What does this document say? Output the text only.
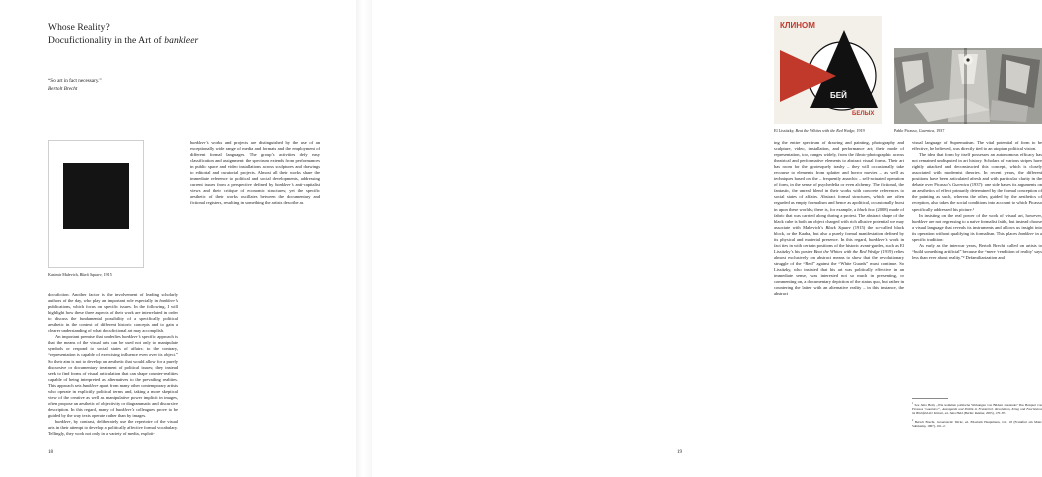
Whose Reality?
Docufictionality in the Art of bankleer
“So art in fact necessary.”
Bertolt Brecht
Kasimir Malevich, Black Square, 1915

docufiction. Another factor is the involvement of leading scholarly authors of the day, who play an important role especially in bankleer’s publications, which focus on specific issues. In the following, I will highlight how these three aspects of their work are interrelated in order to discuss the fundamental possibility of a specifically political aesthetic in the context of different historic concepts and to gain a clearer understanding of what docufictional art may accomplish.

An important premise that underlies bankleer’s specific approach is that the means of the visual arts can be used not only to manipulate symbols or respond to social states of affairs: to the contrary, “representation is capable of exercising influence even over its object.” So their aim is not to develop an aesthetic that would allow for a purely discursive or documentary treatment of political issues; they instead seek to find forms of visual articulation that can shape counter-realities capable of being interpreted as alternatives to the prevailing realities. This approach sets bankleer apart from many other contemporary artists who operate in explicitly political terms and, taking a more skeptical view of the creative as well as manipulative power implicit in images, often propose an aesthetic of objectivity or diagrammatic and discursive description. In this regard, many of bankleer’s colleagues prove to be guided by the way texts operate rather than by images.

bankleer, by contrast, deliberately use the repertoire of the visual arts in their attempt to develop a politically affective formal vocabulary. Tellingly, they work not only in a variety of media, exploit-

bankleer’s works and projects are distinguished by the use of an exceptionally wide range of media and formats and the employment of different formal languages. The group’s activities defy easy classification and assignment: the spectrum extends from performances in public space and video installations across sculptures and drawings to editorial and curatorial projects. Almost all their works share the immediate reference to political and social developments, addressing current issues from a perspective defined by bankleer’s anti-capitalist views and their critique of economic structures; yet the specific aesthetic of their works oscillates between the documentary and fictional registers, resulting in something the artists describe as

18
КЛИНОМ
БЕЙ
БЕЛЫХ
El Lissitzky, Beat the Whites with the Red Wedge, 1919	Pablo Picasso, Guernica, 1937

ing the entire spectrum of drawing and painting, photography and sculpture, video, installation, and performance art; their mode of representation, too, ranges widely, from the filmic-photographic across theatrical and performative elements to abstract visual forms. Their art has room for the grotesquely trashy – they will occasionally take recourse to elements from splatter and horror movies – as well as techniques based on the – frequently anarchic – self-actuated operation of form, in the sense of psychedelia or even alchemy. The fictional, the fantastic, the unreal blend in their works with concrete references to social states of affairs. Abstract formal structures, which are often regarded as empty formalism and hence as apolitical, occasionally burst in upon these worlds; there is, for example, a black box (2008) made of fabric that was carried along during a protest. The abstract shape of the black cube is both an object charged with rich allusive potential we may associate with Malevich’s Black Square (1915) the so-called black block, or the Kaaba, but also a purely formal manifestation defined by its physical and material presence. In this regard, bankleer’s work in fact ties in with certain positions of the historic avant-gardes, such as El Lissitzky’s his poster Beat the Whites with the Red Wedge (1919) relies almost exclusively on abstract means to show that the revolutionary struggle of the “Red” against the “White Guards” must continue. So Lissitzky, who insisted that his art was politically effective in an immediate sense, was interested not so much in presenting, or commenting on, a documentary depiction of the status quo, but rather in countering the latter with an alternative reality – in this instance, the abstract

visual language of Suprematism. The vital potential of form to be effective, he believed, was directly tied to an utopian political vision.

The idea that form by itself possesses an autonomous efficacy has not remained undisputed in art history. Scholars of various stripes have rightly attacked and deconstructed this concept, which is closely associated with modernist theories. In recent years, the different positions have been articulated afresh and with particular clarity in the debate over Picasso’s Guernica (1937): one side bases its arguments on an aesthetics of effect primarily determined by the formal conception of the painting as such, whereas the other, guided by the aesthetics of reception, also takes the social conditions into account to which Picasso specifically addressed his picture.¹

In insisting on the real power of the work of visual art, however, bankleer are not regressing to a naïve formalist faith, but instead choose a visual language that reveals its instruments and allows us insight into its operation without qualifying its formalism. This places bankleer in a specific tradition:

As early as the interwar years, Bertolt Brecht called on artists to “build something artificial” because the “mere ‘rendition of reality’ says less than ever about reality.”² Defamiliarization and

$^1$ See Jutta Held, „Wie kommen politische Wirkungen von Bildern zustande? Das Beispiel von Picassos ‘Guernica’“, Avantgarde und Politik in Frankreich. Revolution, Krieg und Faschismus im Blickfeld der Künste, ed. Jutta Held (Berlin: Reimer, 2005), 170–87.

$^2$ Bertolt Brecht, Gesammelte Werke, ed. Elisabeth Hauptmann, vol. 18 (Frankfurt am Main: Suhrkamp, 1967), 161–2.

19
